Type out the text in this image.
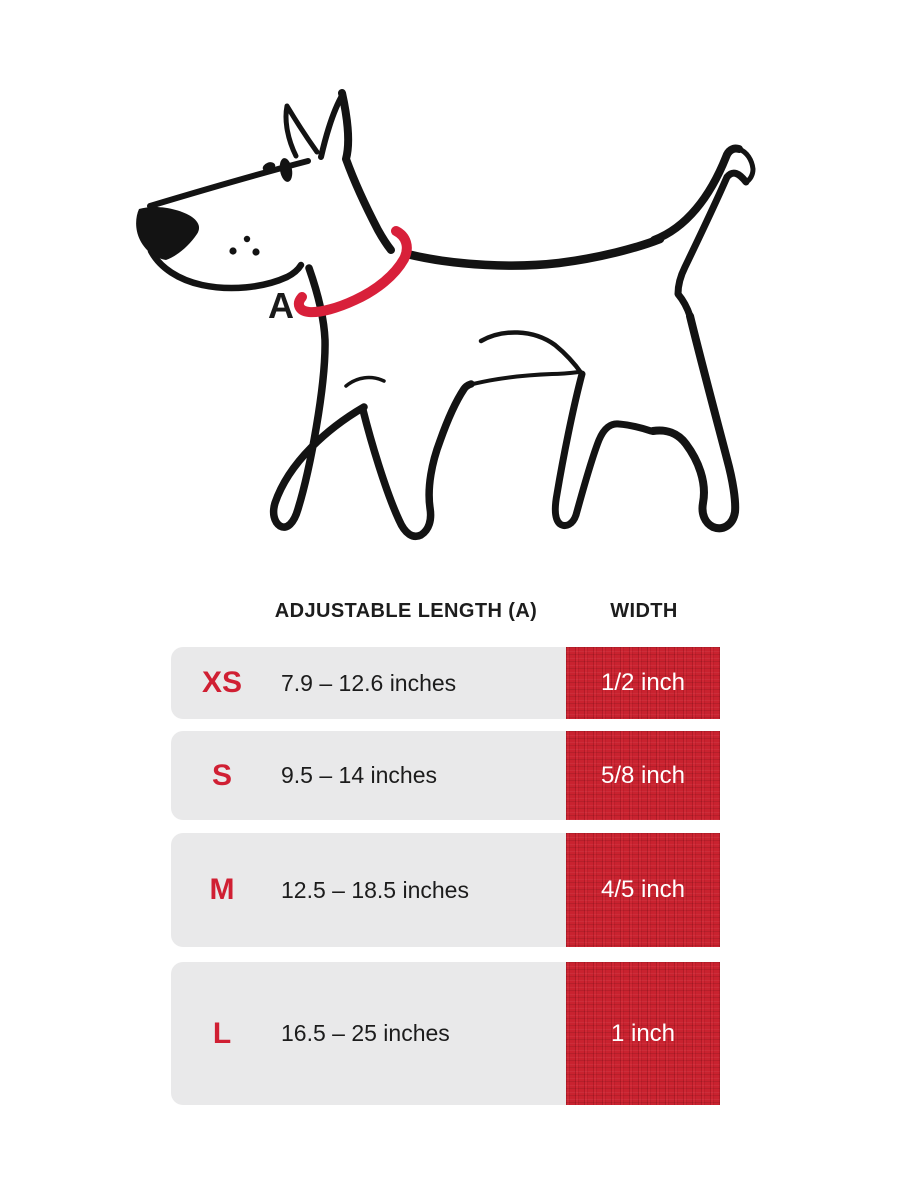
A
ADJUSTABLE LENGTH (A)	WIDTH
XS	7.9 – 12.6 inches	1/2 inch
S	9.5 – 14 inches	5/8 inch
M	12.5 – 18.5 inches	4/5 inch
L	16.5 – 25 inches	1 inch
